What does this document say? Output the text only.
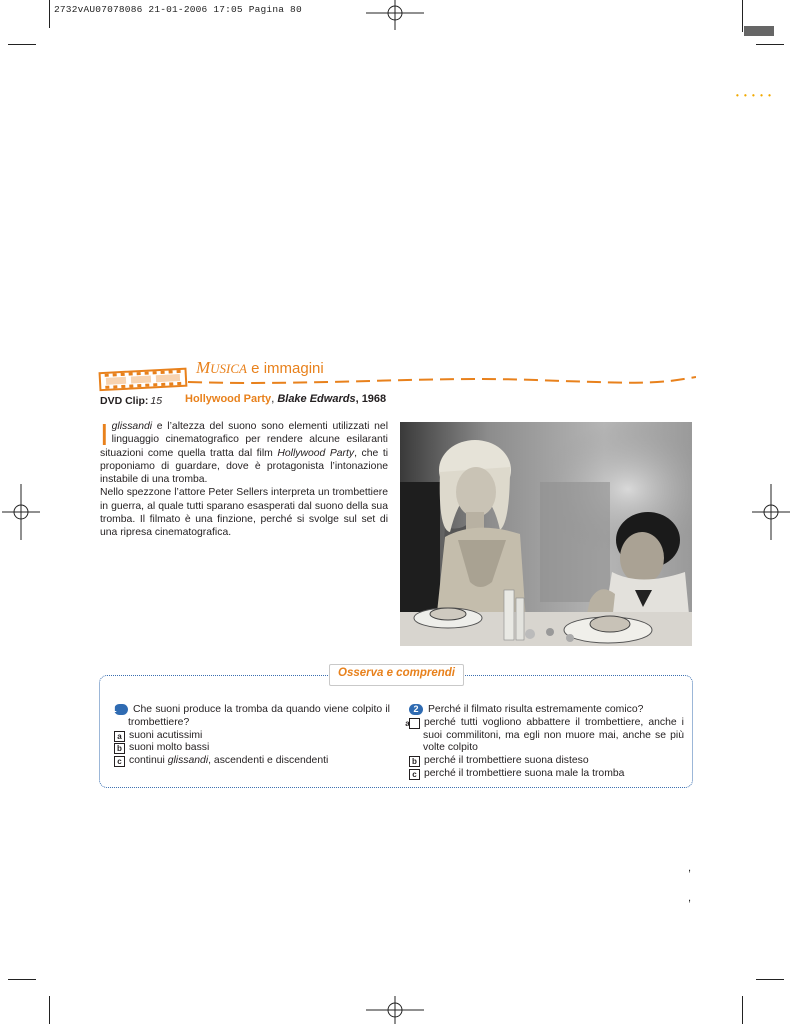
2732vAU07078086 21-01-2006 17:05 Pagina 80
• • • • •
MUSICA e immagini
DVD Clip: 15 Hollywood Party, Blake Edwards, 1968
I glissandi e l’altezza del suono sono elementi utilizzati nel linguaggio cinematografico per rendere alcune esilaranti situazioni come quella tratta dal film Hollywood Party, che ti proponiamo di guardare, dove è protagonista l’intonazione instabile di una tromba.

Nello spezzone l’attore Peter Sellers interpreta un trombettiere in guerra, al quale tutti sparano esasperati dal suono della sua tromba. Il filmato è una finzione, perché si svolge sul set di una ripresa cinematografica.

Osserva e comprendi
1 Che suoni produce la tromba da quando viene colpito il trombettiere?
a suoni acutissimi
b suoni molto bassi
c continui glissandi, ascendenti e discendenti
2 Perché il filmato risulta estremamente comico?
a perché tutti vogliono abbattere il trombettiere, anche i suoi commilitoni, ma egli non muore mai, anche se più volte colpito
b perché il trombettiere suona disteso
c perché il trombettiere suona male la tromba
,
,
